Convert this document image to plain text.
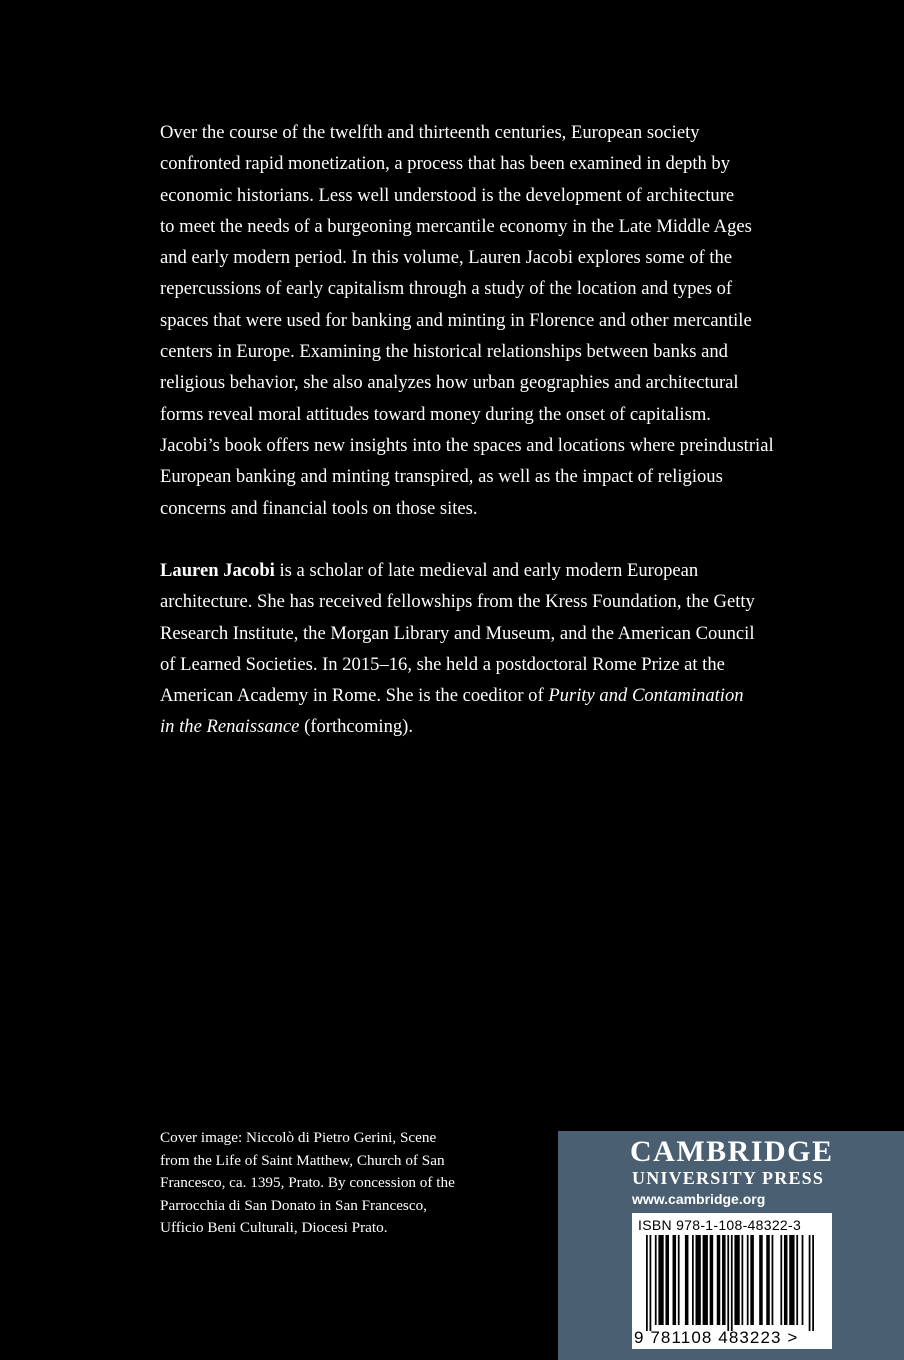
Over the course of the twelfth and thirteenth centuries, European society
confronted rapid monetization, a process that has been examined in depth by
economic historians. Less well understood is the development of architecture
to meet the needs of a burgeoning mercantile economy in the Late Middle Ages
and early modern period. In this volume, Lauren Jacobi explores some of the
repercussions of early capitalism through a study of the location and types of
spaces that were used for banking and minting in Florence and other mercantile
centers in Europe. Examining the historical relationships between banks and
religious behavior, she also analyzes how urban geographies and architectural
forms reveal moral attitudes toward money during the onset of capitalism.
Jacobi’s book offers new insights into the spaces and locations where preindustrial
European banking and minting transpired, as well as the impact of religious
concerns and financial tools on those sites.
Lauren Jacobi is a scholar of late medieval and early modern European
architecture. She has received fellowships from the Kress Foundation, the Getty
Research Institute, the Morgan Library and Museum, and the American Council
of Learned Societies. In 2015–16, she held a postdoctoral Rome Prize at the
American Academy in Rome. She is the coeditor of Purity and Contamination
in the Renaissance (forthcoming).
Cover image: Niccolò di Pietro Gerini, Scene
from the Life of Saint Matthew, Church of San
Francesco, ca. 1395, Prato. By concession of the
Parrocchia di San Donato in San Francesco,
Ufficio Beni Culturali, Diocesi Prato.
CAMBRIDGE
UNIVERSITY PRESS
www.cambridge.org
ISBN 978-1-108-48322-3
9 781108 483223 >
